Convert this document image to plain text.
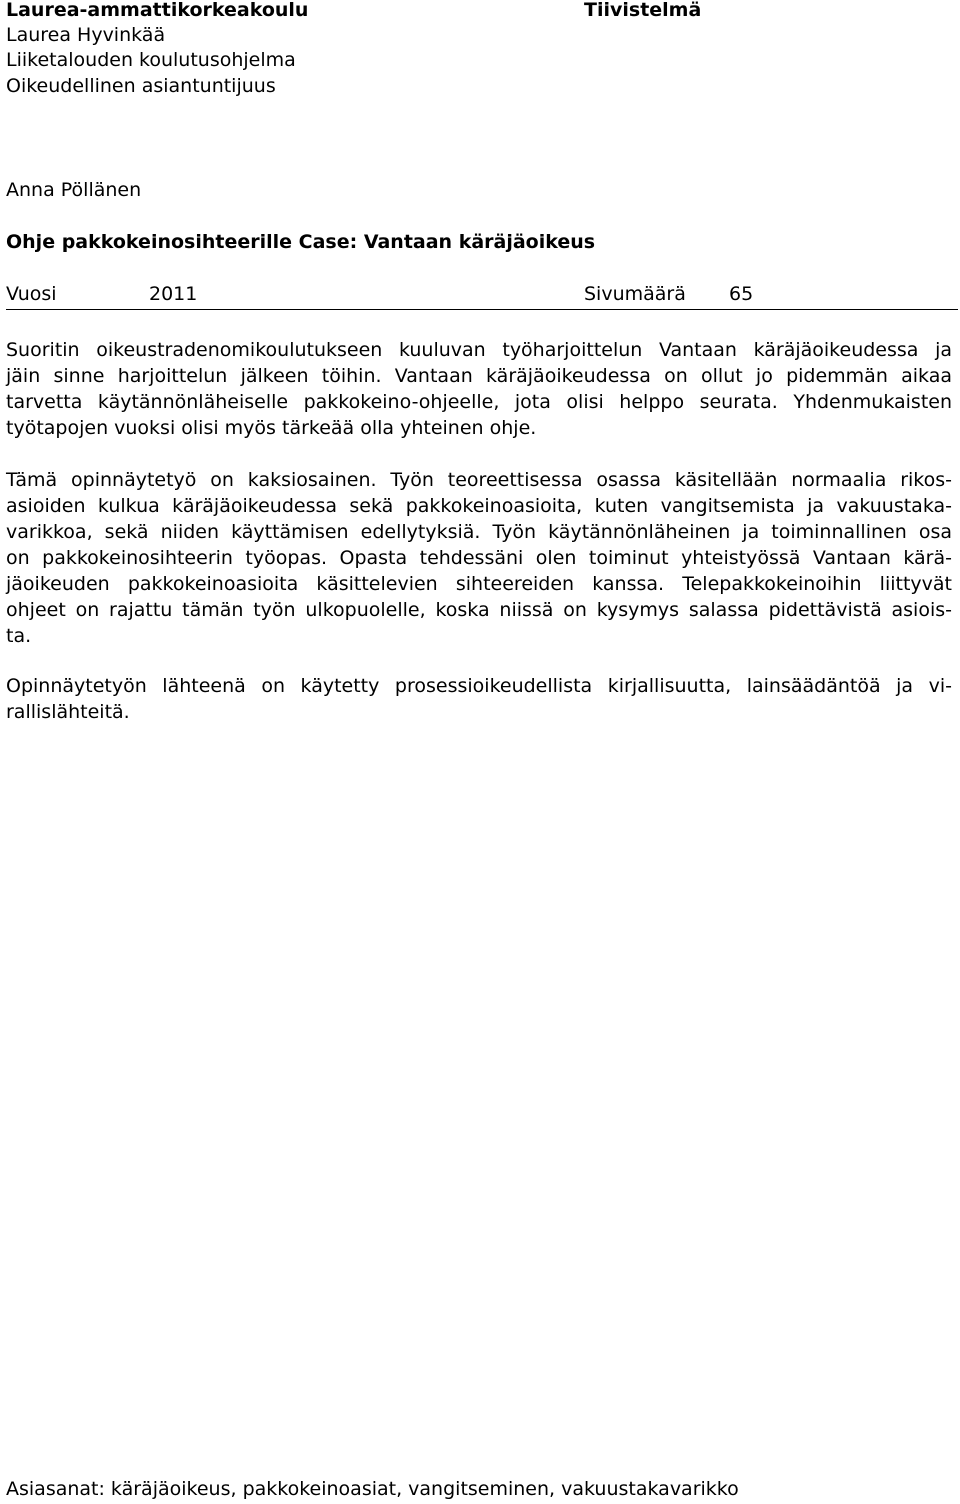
Laurea-ammattikorkeakoulu
Laurea Hyvinkää
Liiketalouden koulutusohjelma
Oikeudellinen asiantuntijuus
Tiivistelmä
Anna Pöllänen
Ohje pakkokeinosihteerille Case: Vantaan käräjäoikeus
Vuosi	2011	Sivumäärä 65
Suoritin oikeustradenomikoulutukseen kuuluvan työharjoittelun Vantaan käräjäoikeudessa ja
jäin sinne harjoittelun jälkeen töihin. Vantaan käräjäoikeudessa on ollut jo pidemmän aikaa
tarvetta käytännönläheiselle pakkokeino-ohjeelle, jota olisi helppo seurata. Yhdenmukaisten
työtapojen vuoksi olisi myös tärkeää olla yhteinen ohje.
Tämä opinnäytetyö on kaksiosainen. Työn teoreettisessa osassa käsitellään normaalia rikos-
asioiden kulkua käräjäoikeudessa sekä pakkokeinoasioita, kuten vangitsemista ja vakuustaka-
varikkoa, sekä niiden käyttämisen edellytyksiä. Työn käytännönläheinen ja toiminnallinen osa
on pakkokeinosihteerin työopas. Opasta tehdessäni olen toiminut yhteistyössä Vantaan kärä-
jäoikeuden pakkokeinoasioita käsittelevien sihteereiden kanssa. Telepakkokeinoihin liittyvät
ohjeet on rajattu tämän työn ulkopuolelle, koska niissä on kysymys salassa pidettävistä asiois-
ta.
Opinnäytetyön lähteenä on käytetty prosessioikeudellista kirjallisuutta, lainsäädäntöä ja vi-
rallislähteitä.
Asiasanat: käräjäoikeus, pakkokeinoasiat, vangitseminen, vakuustakavarikko
